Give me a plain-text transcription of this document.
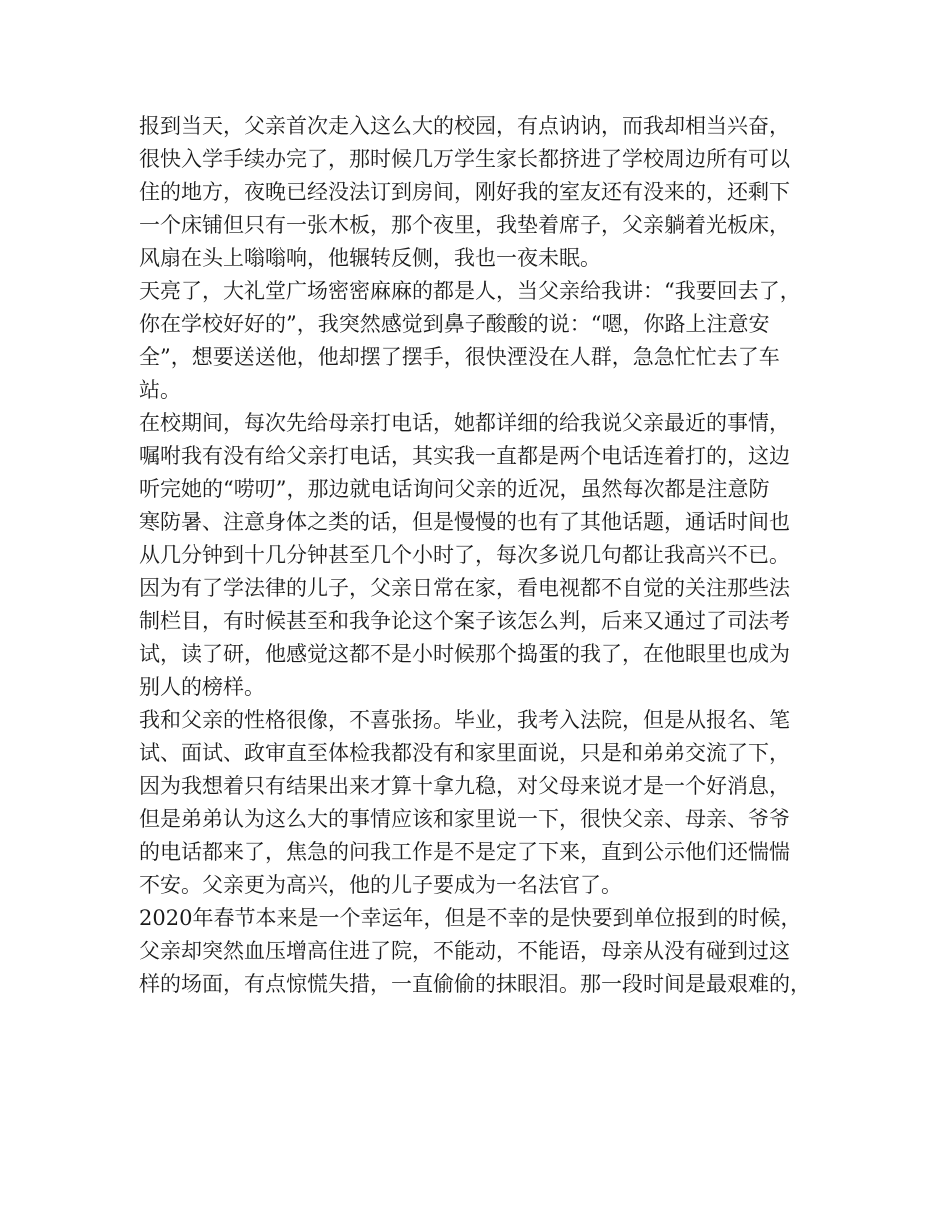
报到当天，父亲首次走入这么大的校园，有点讷讷，而我却相当兴奋，
很快入学手续办完了，那时候几万学生家长都挤进了学校周边所有可以
住的地方，夜晚已经没法订到房间，刚好我的室友还有没来的，还剩下
一个床铺但只有一张木板，那个夜里，我垫着席子，父亲躺着光板床，
风扇在头上嗡嗡响，他辗转反侧，我也一夜未眠。
天亮了，大礼堂广场密密麻麻的都是人，当父亲给我讲：“我要回去了，
你在学校好好的”，我突然感觉到鼻子酸酸的说：“嗯，你路上注意安
全”，想要送送他，他却摆了摆手，很快湮没在人群，急急忙忙去了车
站。
在校期间，每次先给母亲打电话，她都详细的给我说父亲最近的事情，
嘱咐我有没有给父亲打电话，其实我一直都是两个电话连着打的，这边
听完她的“唠叨”，那边就电话询问父亲的近况，虽然每次都是注意防
寒防暑、注意身体之类的话，但是慢慢的也有了其他话题，通话时间也
从几分钟到十几分钟甚至几个小时了，每次多说几句都让我高兴不已。
因为有了学法律的儿子，父亲日常在家，看电视都不自觉的关注那些法
制栏目，有时候甚至和我争论这个案子该怎么判，后来又通过了司法考
试，读了研，他感觉这都不是小时候那个捣蛋的我了，在他眼里也成为
别人的榜样。
我和父亲的性格很像，不喜张扬。毕业，我考入法院，但是从报名、笔
试、面试、政审直至体检我都没有和家里面说，只是和弟弟交流了下，
因为我想着只有结果出来才算十拿九稳，对父母来说才是一个好消息，
但是弟弟认为这么大的事情应该和家里说一下，很快父亲、母亲、爷爷
的电话都来了，焦急的问我工作是不是定了下来，直到公示他们还惴惴
不安。父亲更为高兴，他的儿子要成为一名法官了。
2020年春节本来是一个幸运年，但是不幸的是快要到单位报到的时候，
父亲却突然血压增高住进了院，不能动，不能语，母亲从没有碰到过这
样的场面，有点惊慌失措，一直偷偷的抹眼泪。那一段时间是最艰难的，
